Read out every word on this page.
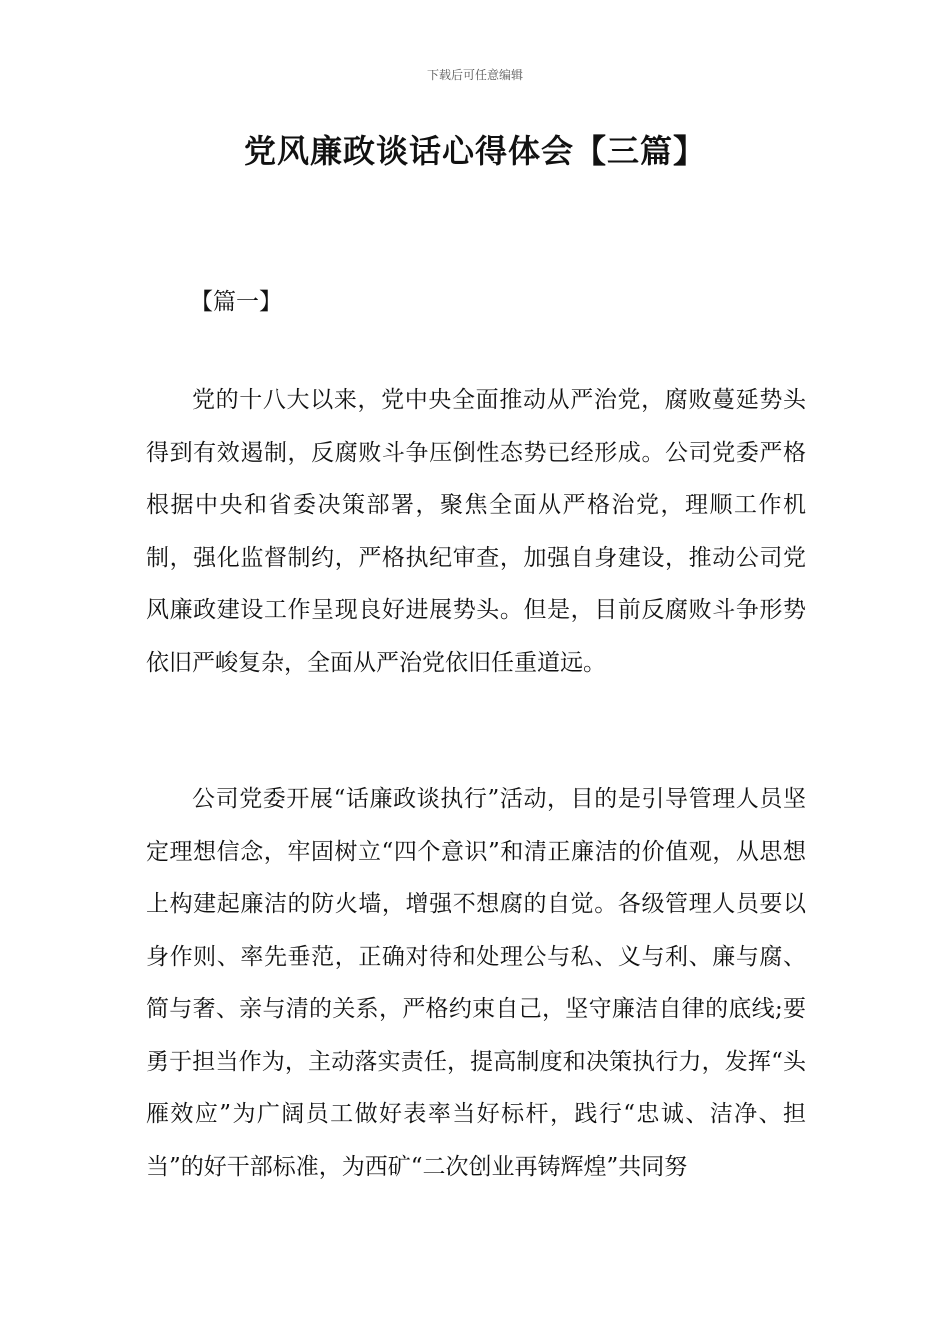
下载后可任意编辑
党风廉政谈话心得体会【三篇】
【篇一】

党的十八大以来，党中央全面推动从严治党，腐败蔓延势头得到有效遏制，反腐败斗争压倒性态势已经形成。公司党委严格根据中央和省委决策部署，聚焦全面从严格治党，理顺工作机制，强化监督制约，严格执纪审查，加强自身建设，推动公司党风廉政建设工作呈现良好进展势头。但是，目前反腐败斗争形势依旧严峻复杂，全面从严治党依旧任重道远。

公司党委开展“话廉政谈执行”活动，目的是引导管理人员坚定理想信念，牢固树立“四个意识”和清正廉洁的价值观，从思想上构建起廉洁的防火墙，增强不想腐的自觉。各级管理人员要以身作则、率先垂范，正确对待和处理公与私、义与利、廉与腐、简与奢、亲与清的关系，严格约束自己，坚守廉洁自律的底线;要勇于担当作为，主动落实责任，提高制度和决策执行力，发挥“头雁效应”为广阔员工做好表率当好标杆，践行“忠诚、洁净、担当”的好干部标准，为西矿“二次创业再铸辉煌”共同努
